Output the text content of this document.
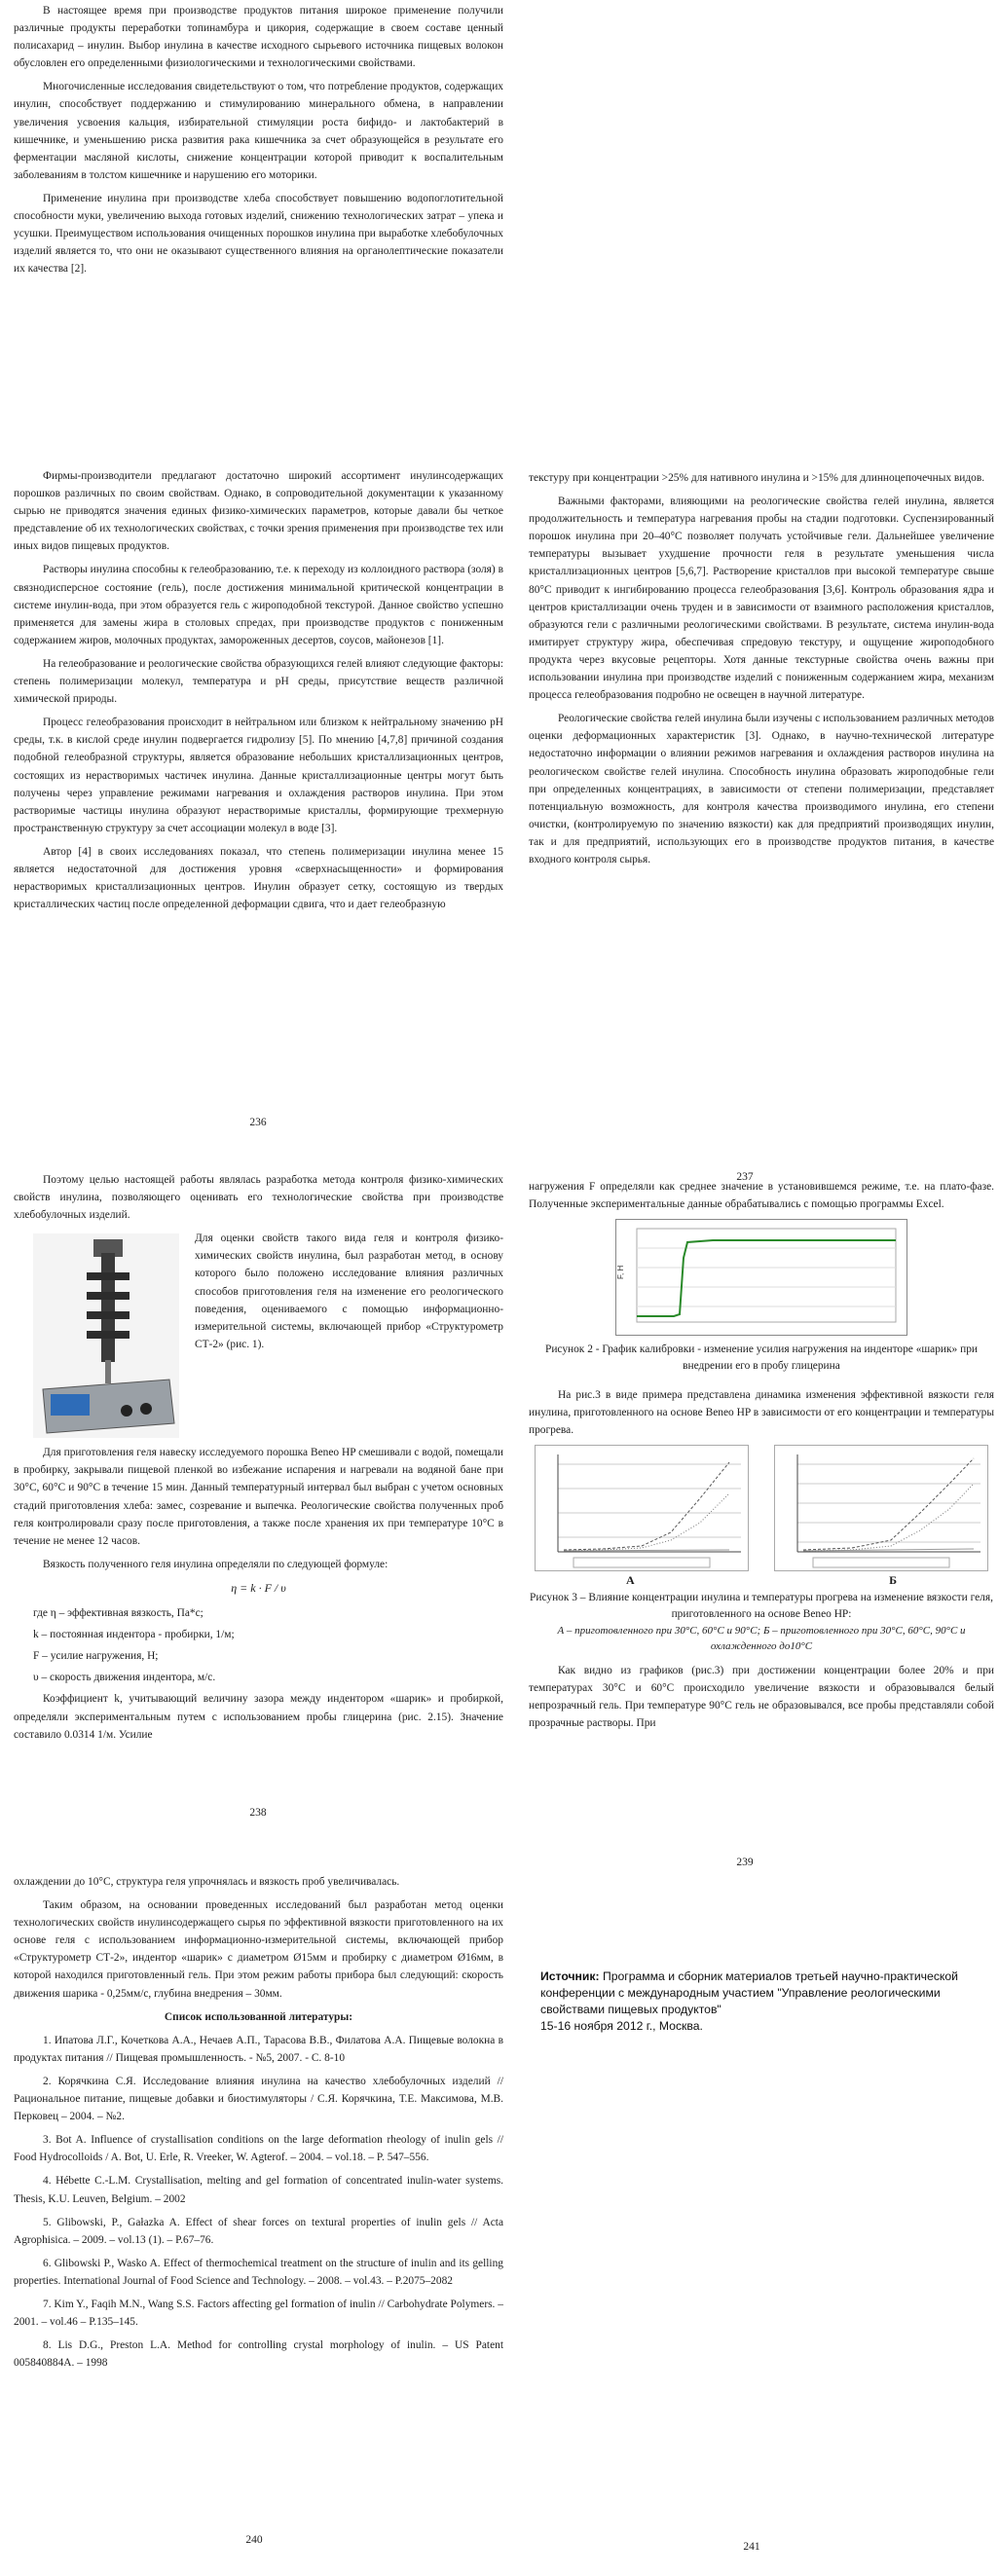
В настоящее время при производстве продуктов питания широкое применение получили различные продукты переработки топинамбура и цикория, содержащие в своем составе ценный полисахарид – инулин. Выбор инулина в качестве исходного сырьевого источника пищевых волокон обусловлен его определенными физиологическими и технологическими свойствами.

Многочисленные исследования свидетельствуют о том, что потребление продуктов, содержащих инулин, способствует поддержанию и стимулированию минерального обмена, в направлении увеличения усвоения кальция, избирательной стимуляции роста бифидо- и лактобактерий в кишечнике, и уменьшению риска развития рака кишечника за счет образующейся в результате его ферментации масляной кислоты, снижение концентрации которой приводит к воспалительным заболеваниям в толстом кишечнике и нарушению его моторики.

Применение инулина при производстве хлеба способствует повышению водопоглотительной способности муки, увеличению выхода готовых изделий, снижению технологических затрат – упека и усушки. Преимуществом использования очищенных порошков инулина при выработке хлебобулочных изделий является то, что они не оказывают существенного влияния на органолептические показатели их качества [2].

Фирмы-производители предлагают достаточно широкий ассортимент инулинсодержащих порошков различных по своим свойствам. Однако, в сопроводительной документации к указанному сырью не приводятся значения единых физико-химических параметров, которые давали бы четкое представление об их технологических свойствах, с точки зрения применения при производстве тех или иных видов пищевых продуктов.

Растворы инулина способны к гелеобразованию, т.е. к переходу из коллоидного раствора (золя) в связнодисперсное состояние (гель), после достижения минимальной критической концентрации в системе инулин-вода, при этом образуется гель с жироподобной текстурой. Данное свойство успешно применяется для замены жира в столовых спредах, при производстве продуктов с пониженным содержанием жиров, молочных продуктах, замороженных десертов, соусов, майонезов [1].

На гелеобразование и реологические свойства образующихся гелей влияют следующие факторы: степень полимеризации молекул, температура и pH среды, присутствие веществ различной химической природы.

Процесс гелеобразования происходит в нейтральном или близком к нейтральному значению pH среды, т.к. в кислой среде инулин подвергается гидролизу [5]. По мнению [4,7,8] причиной создания подобной гелеобразной структуры, является образование небольших кристаллизационных центров, состоящих из нерастворимых частичек инулина. Данные кристаллизационные центры могут быть получены через управление режимами нагревания и охлаждения растворов инулина. При этом растворимые частицы инулина образуют нерастворимые кристаллы, формирующие трехмерную пространственную структуру за счет ассоциации молекул в воде [3].

Автор [4] в своих исследованиях показал, что степень полимеризации инулина менее 15 является недостаточной для достижения уровня «сверхнасыщенности» и формирования нерастворимых кристаллизационных центров. Инулин образует сетку, состоящую из твердых кристаллических частиц после определенной деформации сдвига, что и дает гелеобразную

236

текстуру при концентрации >25% для нативного инулина и >15% для длинноцепочечных видов.

Важными факторами, влияющими на реологические свойства гелей инулина, является продолжительность и температура нагревания пробы на стадии подготовки. Суспензированный порошок инулина при 20–40°С позволяет получать устойчивые гели. Дальнейшее увеличение температуры вызывает ухудшение прочности геля в результате уменьшения числа кристаллизационных центров [5,6,7]. Растворение кристаллов при высокой температуре свыше 80°С приводит к ингибированию процесса гелеобразования [3,6]. Контроль образования ядра и центров кристаллизации очень труден и в зависимости от взаимного расположения кристаллов, образуются гели с различными реологическими свойствами. В результате, система инулин-вода имитирует структуру жира, обеспечивая спредовую текстуру, и ощущение жироподобного продукта через вкусовые рецепторы. Хотя данные текстурные свойства очень важны при использовании инулина при производстве изделий с пониженным содержанием жира, механизм процесса гелеобразования подробно не освещен в научной литературе.

Реологические свойства гелей инулина были изучены с использованием различных методов оценки деформационных характеристик [3]. Однако, в научно-технической литературе недостаточно информации о влиянии режимов нагревания и охлаждения растворов инулина на реологическом свойстве гелей инулина. Способность инулина образовать жироподобные гели при определенных концентрациях, в зависимости от степени полимеризации, представляет потенциальную возможность, для контроля качества производимого инулина, его степени очистки, (контролируемую по значению вязкости) как для предприятий производящих инулин, так и для предприятий, использующих его в производстве продуктов питания, в качестве входного контроля сырья.

237

Поэтому целью настоящей работы являлась разработка метода контроля физико-химических свойств инулина, позволяющего оценивать его технологические свойства при производстве хлебобулочных изделий.

Для оценки свойств такого вида геля и контроля физико-химических свойств инулина, был разработан метод, в основу которого было положено исследование влияния различных способов приготовления геля на изменение его реологического поведения, оцениваемого с помощью информационно-измерительной системы, включающей прибор «Структурометр СТ-2» (рис. 1).

Для приготовления геля навеску исследуемого порошка Beneo HP смешивали с водой, помещали в пробирку, закрывали пищевой пленкой во избежание испарения и нагревали на водяной бане при 30°С, 60°С и 90°С в течение 15 мин. Данный температурный интервал был выбран с учетом основных стадий приготовления хлеба: замес, созревание и выпечка. Реологические свойства полученных проб геля контролировали сразу после приготовления, а также после хранения их при температуре 10°С в течение не менее 12 часов.

Вязкость полученного геля инулина определяли по следующей формуле:

η = k · F / υ

где η – эффективная вязкость, Па*с;

k – постоянная индентора - пробирки, 1/м;

F – усилие нагружения, Н;

υ – скорость движения индентора, м/с.

Коэффициент k, учитывающий величину зазора между индентором «шарик» и пробиркой, определяли экспериментальным путем с использованием пробы глицерина (рис. 2.15). Значение составило 0.0314 1/м. Усилие

238

нагружения F определяли как среднее значение в установившемся режиме, т.е. на плато-фазе. Полученные экспериментальные данные обрабатывались с помощью программы Excel.

F, Н
Рисунок 2 - График калибровки - изменение усилия нагружения на инденторе «шарик» при внедрении его в пробу глицерина

На рис.3 в виде примера представлена динамика изменения эффективной вязкости геля инулина, приготовленного на основе Beneo HP в зависимости от его концентрации и температуры прогрева.

А	Б
Рисунок 3 – Влияние концентрации инулина и температуры прогрева на изменение вязкости геля, приготовленного на основе Beneo HP:
А – приготовленного при 30°С, 60°С и 90°С; Б – приготовленного при 30°С, 60°С, 90°С и охлажденного до10°С

Как видно из графиков (рис.3) при достижении концентрации более 20% и при температурах 30°С и 60°С происходило увеличение вязкости и образовывался белый непрозрачный гель. При температуре 90°С гель не образовывался, все пробы представляли собой прозрачные растворы. При

239

охлаждении до 10°С, структура геля упрочнялась и вязкость проб увеличивалась.

Таким образом, на основании проведенных исследований был разработан метод оценки технологических свойств инулинсодержащего сырья по эффективной вязкости приготовленного на их основе геля с использованием информационно-измерительной системы, включающей прибор «Структурометр СТ-2», индентор «шарик» с диаметром Ø15мм и пробирку с диаметром Ø16мм, в которой находился приготовленный гель. При этом режим работы прибора был следующий: скорость движения шарика - 0,25мм/с, глубина внедрения – 30мм.

Список использованной литературы:
1. Ипатова Л.Г., Кочеткова А.А., Нечаев А.П., Тарасова В.В., Филатова А.А. Пищевые волокна в продуктах питания // Пищевая промышленность. - №5, 2007. - С. 8-10
2. Корячкина С.Я. Исследование влияния инулина на качество хлебобулочных изделий // Рациональное питание, пищевые добавки и биостимуляторы / С.Я. Корячкина, Т.Е. Максимова, М.В. Перковец – 2004. – №2.
3. Bot A. Influence of crystallisation conditions on the large deformation rheology of inulin gels // Food Hydrocolloids / A. Bot, U. Erle, R. Vreeker, W. Agterof. – 2004. – vol.18. – P. 547–556.
4. Hébette C.-L.M. Crystallisation, melting and gel formation of concentrated inulin-water systems. Thesis, K.U. Leuven, Belgium. – 2002
5. Glibowski, P., Gałazka A. Effect of shear forces on textural properties of inulin gels // Acta Agrophisica. – 2009. – vol.13 (1). – P.67–76.
6. Glibowski P., Wasko A. Effect of thermochemical treatment on the structure of inulin and its gelling properties. International Journal of Food Science and Technology. – 2008. – vol.43. – P.2075–2082
7. Kim Y., Faqih M.N., Wang S.S. Factors affecting gel formation of inulin // Carbohydrate Polymers. – 2001. – vol.46 – P.135–145.
8. Lis D.G., Preston L.A. Method for controlling crystal morphology of inulin. – US Patent 005840884A. – 1998
240
Источник: Программа и сборник материалов третьей научно-практической конференции с международным участием "Управление реологическими свойствами пищевых продуктов"
15-16 ноября 2012 г., Москва.
241
